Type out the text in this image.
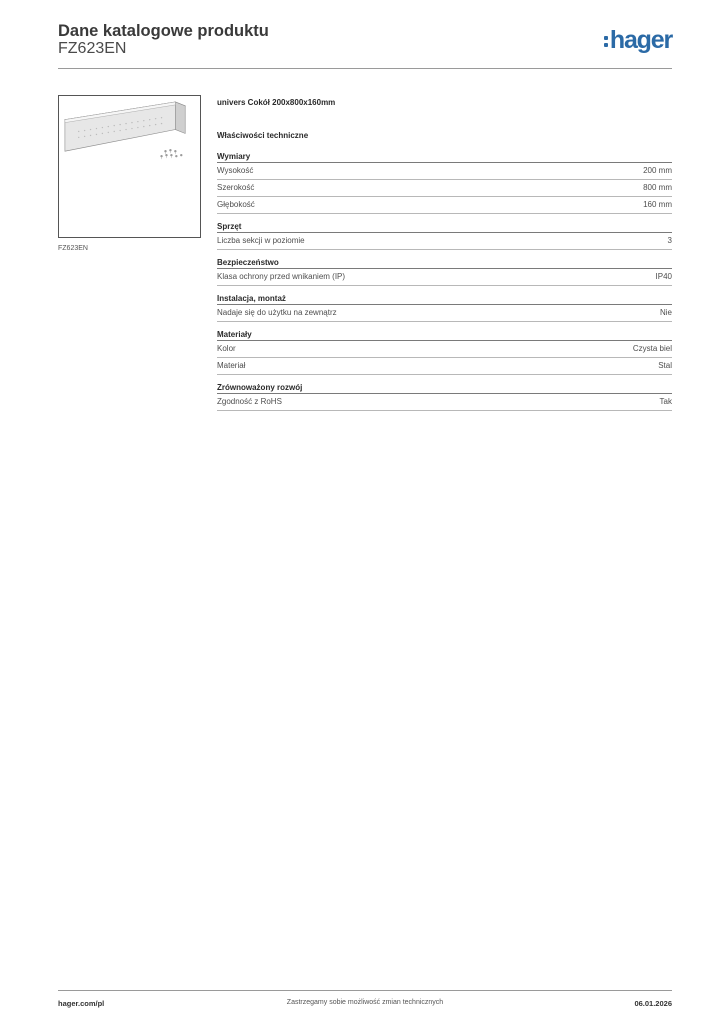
Dane katalogowe produktu
FZ623EN	hager
FZ623EN
univers Cokół 200x800x160mm
Właściwości techniczne
Wymiary
Wysokość	200 mm
Szerokość	800 mm
Głębokość	160 mm
Sprzęt
Liczba sekcji w poziomie	3
Bezpieczeństwo
Klasa ochrony przed wnikaniem (IP)	IP40
Instalacja, montaż
Nadaje się do użytku na zewnątrz	Nie
Materiały
Kolor	Czysta biel
Materiał	Stal
Zrównoważony rozwój
Zgodność z RoHS	Tak
hager.com/pl	Zastrzegamy sobie możliwość zmian technicznych	06.01.2026
